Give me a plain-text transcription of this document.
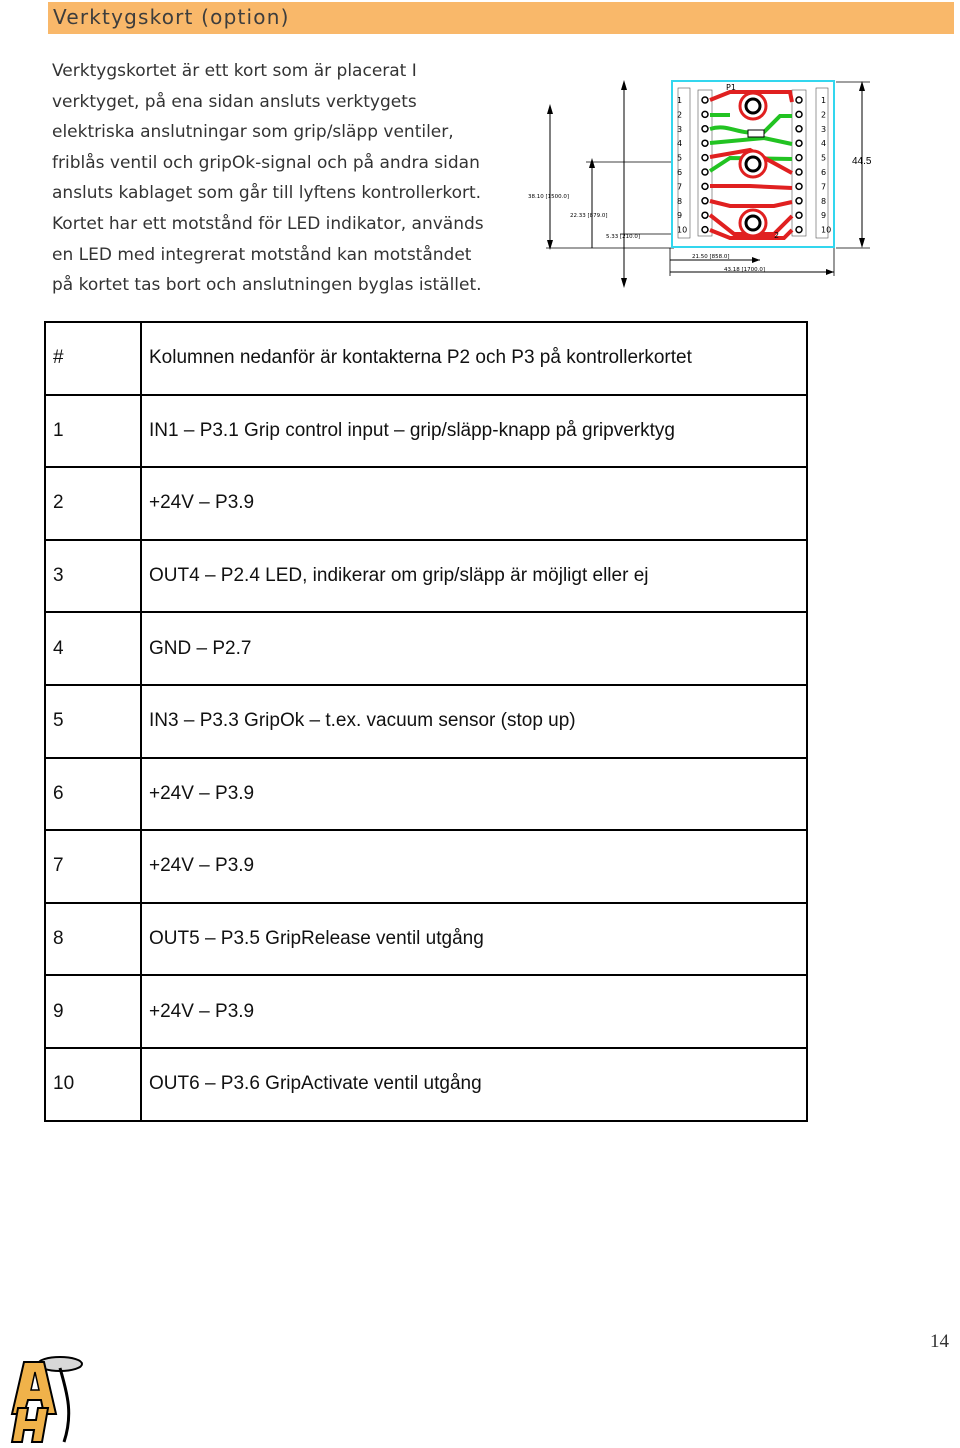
Verktygskort (option)

Verktygskortet är ett kort som är placerat I
verktyget, på ena sidan ansluts verktygets
elektriska anslutningar som grip/släpp ventiler,
friblås ventil och gripOk-signal och på andra sidan
ansluts kablaget som går till lyftens kontrollerkort.
Kortet har ett motstånd för LED indikator, används
en LED med integrerat motstånd kan motståndet
på kortet tas bort och anslutningen byglas istället.

38.10 [1500.0]
22.33 [879.0]
5.33 [210.0]
21.50 [858.0]
43.18 [1700.0]
44.5
P1
2
1
2
3
4
5
6
7
8
9
10
1
2
3
4
5
6
7
8
9
10
#	Kolumnen nedanför är kontakterna P2 och P3 på kontrollerkortet
1	IN1 – P3.1 Grip control input – grip/släpp-knapp på gripverktyg
2	+24V – P3.9
3	OUT4 – P2.4 LED, indikerar om grip/släpp är möjligt eller ej
4	GND – P2.7
5	IN3 – P3.3 GripOk – t.ex. vacuum sensor (stop up)
6	+24V – P3.9
7	+24V – P3.9
8	OUT5 – P3.5 GripRelease ventil utgång
9	+24V – P3.9
10	OUT6 – P3.6 GripActivate ventil utgång
14
